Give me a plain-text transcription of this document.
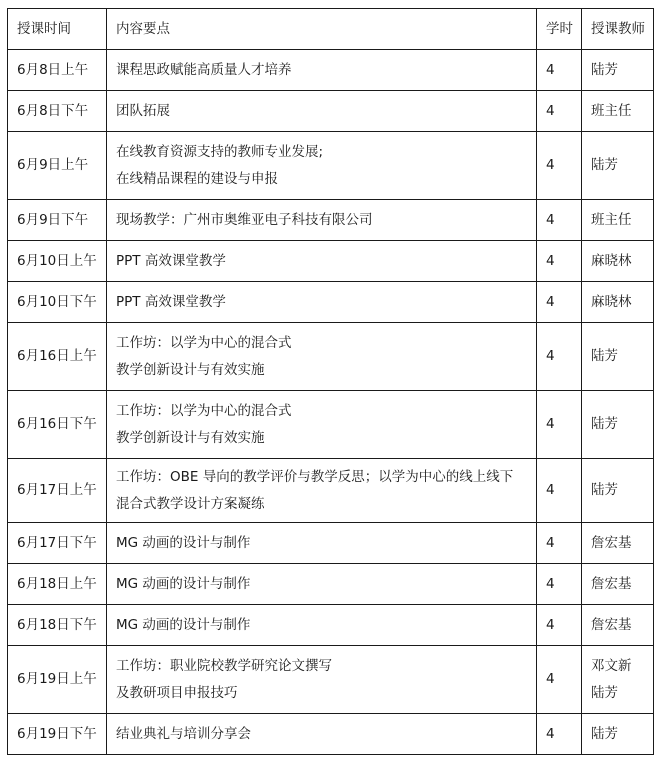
授课时间	内容要点	学时	授课教师
6月8日上午	课程思政赋能高质量人才培养	4	陆芳

6月8日下午	团队拓展	4	班主任

6月9日上午	在线教育资源支持的教师专业发展;
在线精品课程的建设与申报	4	陆芳

6月9日下午	现场教学：广州市奥维亚电子科技有限公司	4	班主任

6月10日上午	PPT 高效课堂教学	4	麻晓林

6月10日下午	PPT 高效课堂教学	4	麻晓林

6月16日上午	工作坊：以学为中心的混合式
教学创新设计与有效实施	4	陆芳

6月16日下午	工作坊：以学为中心的混合式
教学创新设计与有效实施	4	陆芳

6月17日上午	工作坊：OBE 导向的教学评价与教学反思；以学为中心的线上线下
混合式教学设计方案凝练	4	陆芳

6月17日下午	MG 动画的设计与制作	4	詹宏基

6月18日上午	MG 动画的设计与制作	4	詹宏基

6月18日下午	MG 动画的设计与制作	4	詹宏基

6月19日上午	工作坊：职业院校教学研究论文撰写
及教研项目申报技巧	4	邓文新
陆芳

6月19日下午	结业典礼与培训分享会	4	陆芳
